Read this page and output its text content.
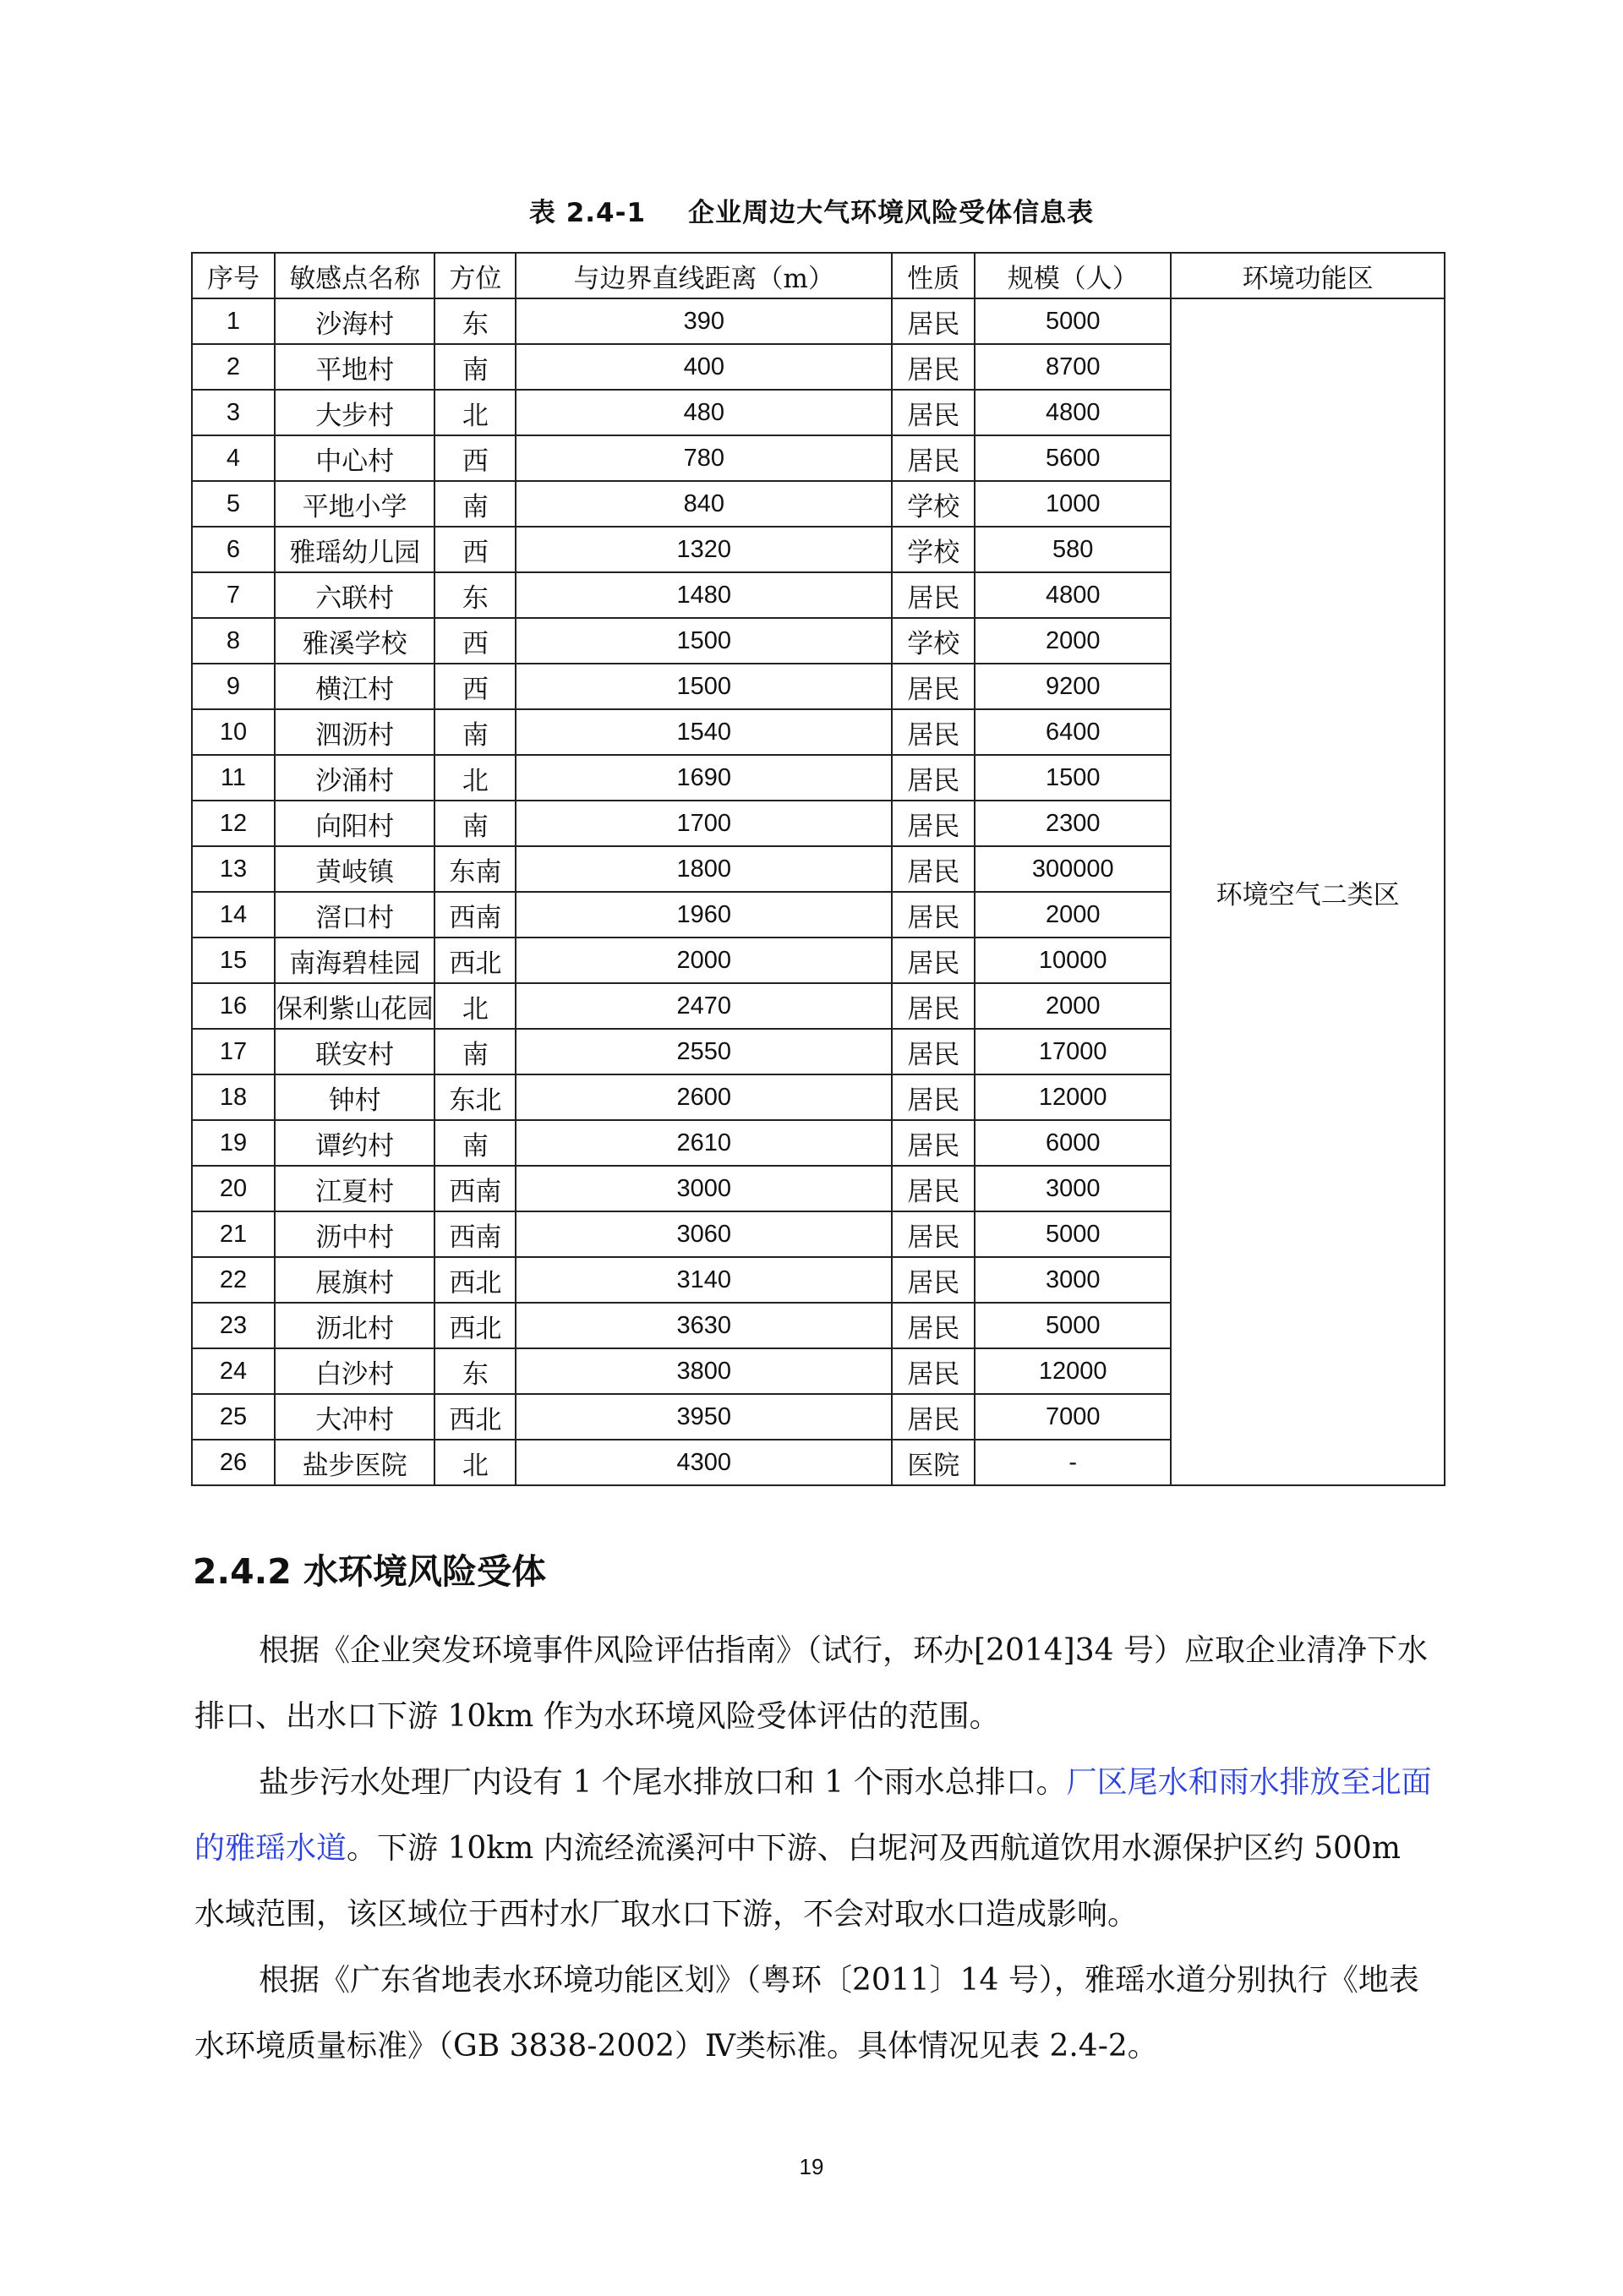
表 2.4-1 企业周边大气环境风险受体信息表
序号	敏感点名称	方位	与边界直线距离（m）	性质	规模（人）	环境功能区
1	沙海村	东	390	居民	5000	环境空气二类区
2	平地村	南	400	居民	8700	
3	大步村	北	480	居民	4800	
4	中心村	西	780	居民	5600	
5	平地小学	南	840	学校	1000	
6	雅瑶幼儿园	西	1320	学校	580	
7	六联村	东	1480	居民	4800	
8	雅溪学校	西	1500	学校	2000	
9	横江村	西	1500	居民	9200	
10	泗沥村	南	1540	居民	6400	
11	沙涌村	北	1690	居民	1500	
12	向阳村	南	1700	居民	2300	
13	黄岐镇	东南	1800	居民	300000	
14	滘口村	西南	1960	居民	2000	
15	南海碧桂园	西北	2000	居民	10000	
16	保利紫山花园	北	2470	居民	2000	
17	联安村	南	2550	居民	17000	
18	钟村	东北	2600	居民	12000	
19	谭约村	南	2610	居民	6000	
20	江夏村	西南	3000	居民	3000	
21	沥中村	西南	3060	居民	5000	
22	展旗村	西北	3140	居民	3000	
23	沥北村	西北	3630	居民	5000	
24	白沙村	东	3800	居民	12000	
25	大冲村	西北	3950	居民	7000	
26	盐步医院	北	4300	医院	-	
2.4.2 水环境风险受体

根据《企业突发环境事件风险评估指南》（试行，环办[2014]34 号）应取企业清净下水排口、出水口下游 10km 作为水环境风险受体评估的范围。

盐步污水处理厂内设有 1 个尾水排放口和 1 个雨水总排口。厂区尾水和雨水排放至北面的雅瑶水道。下游 10km 内流经流溪河中下游、白坭河及西航道饮用水源保护区约 500m 水域范围，该区域位于西村水厂取水口下游，不会对取水口造成影响。

根据《广东省地表水环境功能区划》（粤环〔2011〕14 号），雅瑶水道分别执行《地表水环境质量标准》（GB 3838-2002）Ⅳ类标准。具体情况见表 2.4-2。

19
